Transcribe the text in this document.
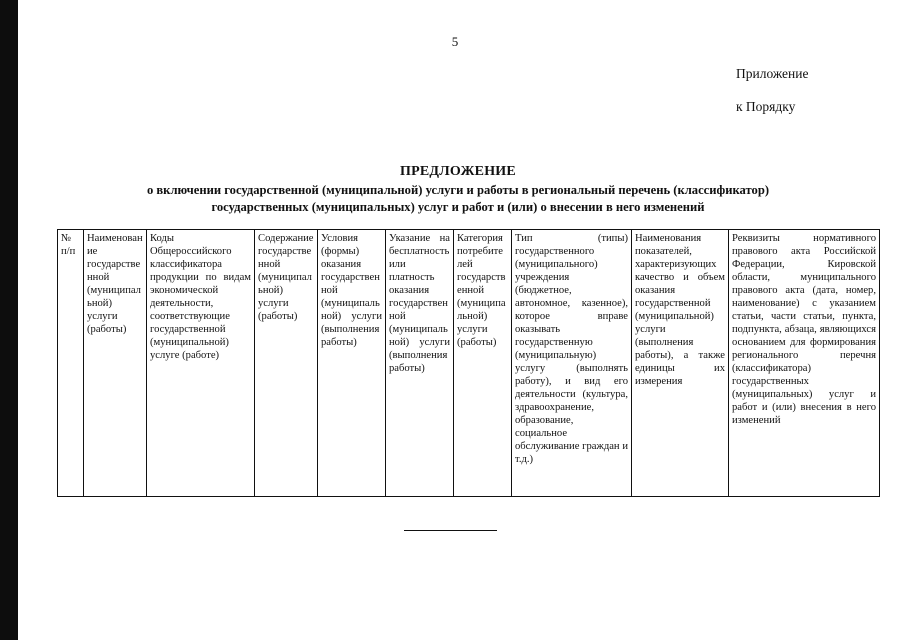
5
Приложение
к Порядку
ПРЕДЛОЖЕНИЕ
о включении государственной (муниципальной) услуги и работы в региональный перечень (классификатор)
государственных (муниципальных) услуг и работ и (или) о внесении в него изменений
№ п/п	Наименование государственной (муниципальной) услуги (работы)	Коды Общероссийского классификатора продукции по видам экономической деятельности, соответствующие государственной (муниципальной) услуге (работе)	Содержание государственной (муниципальной) услуги (работы)	Условия (формы) оказания государственной (муниципальной) услуги (выполнения работы)	Указание на бесплатность или платность оказания государственной (муниципальной) услуги (выполнения работы)	Категория потребителей государственной (муниципальной) услуги (работы)	Тип (типы) государственного (муниципального) учреждения (бюджетное, автономное, казенное), которое вправе оказывать государственную (муниципальную) услугу (выполнять работу), и вид его деятельности (культура, здравоохранение, образование, социальное обслуживание граждан и т.д.)	Наименования показателей, характеризующих качество и объем оказания государственной (муниципальной) услуги (выполнения работы), а также единицы их измерения	Реквизиты нормативного правового акта Российской Федерации, Кировской области, муниципального правового акта (дата, номер, наименование) с указанием статьи, части статьи, пункта, подпункта, абзаца, являющихся основанием для формирования регионального перечня (классификатора) государственных (муниципальных) услуг и работ и (или) внесения в него изменений
